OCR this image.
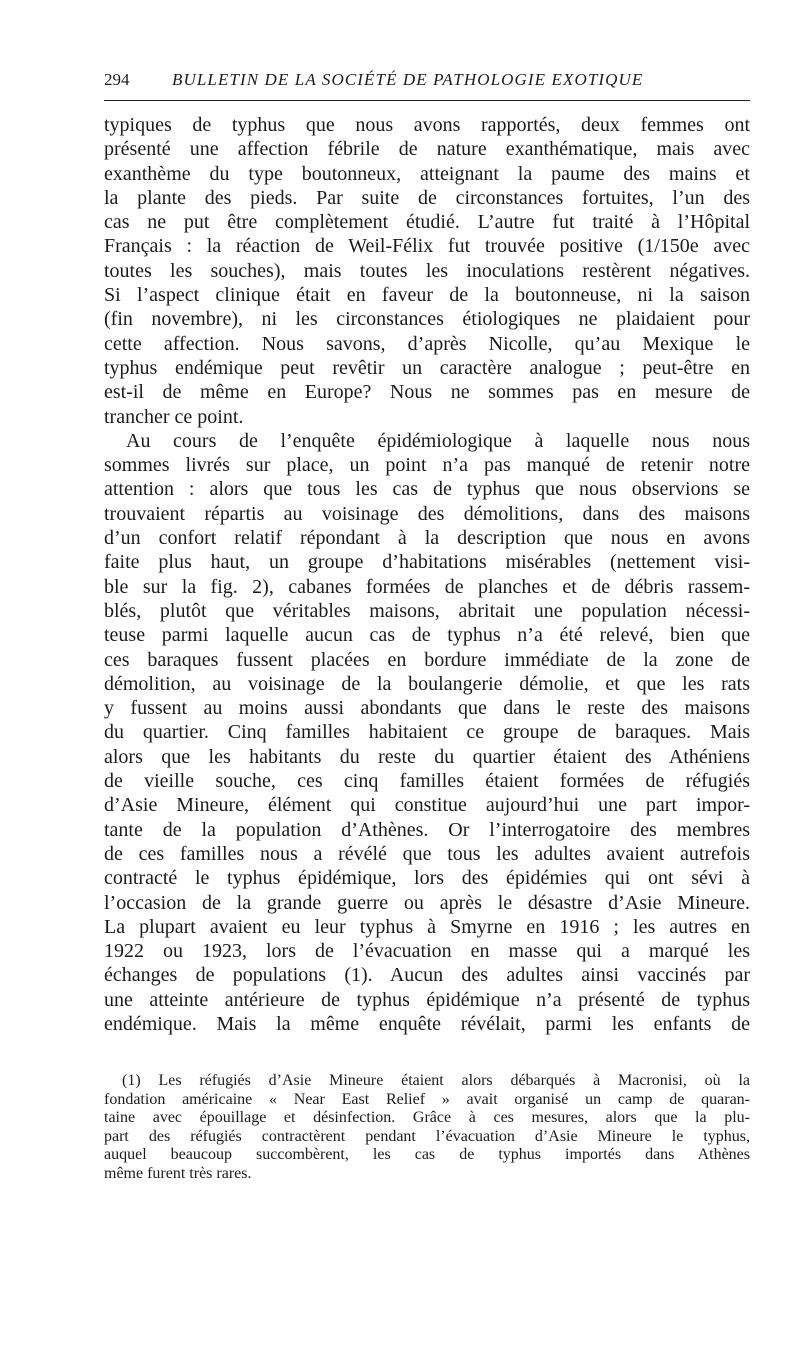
294	BULLETIN DE LA SOCIÉTÉ DE PATHOLOGIE EXOTIQUE
typiques de typhus que nous avons rapportés, deux femmes ont
présenté une affection fébrile de nature exanthématique, mais avec
exanthème du type boutonneux, atteignant la paume des mains et
la plante des pieds. Par suite de circonstances fortuites, l’un des
cas ne put être complètement étudié. L’autre fut traité à l’Hôpital
Français : la réaction de Weil-Félix fut trouvée positive (1/150e avec
toutes les souches), mais toutes les inoculations restèrent négatives.
Si l’aspect clinique était en faveur de la boutonneuse, ni la saison
(fin novembre), ni les circonstances étiologiques ne plaidaient pour
cette affection. Nous savons, d’après Nicolle, qu’au Mexique le
typhus endémique peut revêtir un caractère analogue ; peut-être en
est-il de même en Europe? Nous ne sommes pas en mesure de
trancher ce point.
Au cours de l’enquête épidémiologique à laquelle nous nous
sommes livrés sur place, un point n’a pas manqué de retenir notre
attention : alors que tous les cas de typhus que nous observions se
trouvaient répartis au voisinage des démolitions, dans des maisons
d’un confort relatif répondant à la description que nous en avons
faite plus haut, un groupe d’habitations misérables (nettement visi-
ble sur la fig. 2), cabanes formées de planches et de débris rassem-
blés, plutôt que véritables maisons, abritait une population nécessi-
teuse parmi laquelle aucun cas de typhus n’a été relevé, bien que
ces baraques fussent placées en bordure immédiate de la zone de
démolition, au voisinage de la boulangerie démolie, et que les rats
y fussent au moins aussi abondants que dans le reste des maisons
du quartier. Cinq familles habitaient ce groupe de baraques. Mais
alors que les habitants du reste du quartier étaient des Athéniens
de vieille souche, ces cinq familles étaient formées de réfugiés
d’Asie Mineure, élément qui constitue aujourd’hui une part impor-
tante de la population d’Athènes. Or l’interrogatoire des membres
de ces familles nous a révélé que tous les adultes avaient autrefois
contracté le typhus épidémique, lors des épidémies qui ont sévi à
l’occasion de la grande guerre ou après le désastre d’Asie Mineure.
La plupart avaient eu leur typhus à Smyrne en 1916 ; les autres en
1922 ou 1923, lors de l’évacuation en masse qui a marqué les
échanges de populations (1). Aucun des adultes ainsi vaccinés par
une atteinte antérieure de typhus épidémique n’a présenté de typhus
endémique. Mais la même enquête révélait, parmi les enfants de
(1) Les réfugiés d’Asie Mineure étaient alors débarqués à Macronisi, où la
fondation américaine « Near East Relief » avait organisé un camp de quaran-
taine avec épouillage et désinfection. Grâce à ces mesures, alors que la plu-
part des réfugiés contractèrent pendant l’évacuation d’Asie Mineure le typhus,
auquel beaucoup succombèrent, les cas de typhus importés dans Athènes
même furent très rares.
